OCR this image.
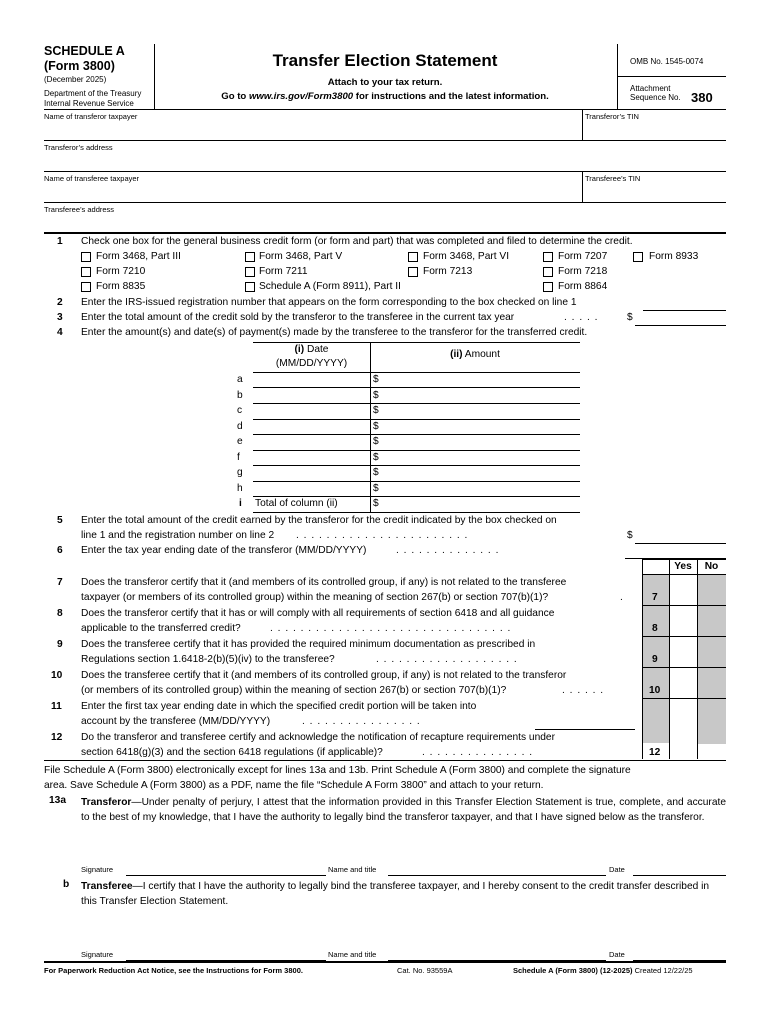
SCHEDULE A
(Form 3800)
(December 2025)
Department of the Treasury
Internal Revenue Service
Transfer Election Statement
Attach to your tax return.
Go to www.irs.gov/Form3800 for instructions and the latest information.
OMB No. 1545-0074
Attachment
Sequence No. 380
Name of transferor taxpayer	Transferor’s TIN
Transferor’s address
Name of transferee taxpayer	Transferee’s TIN
Transferee’s address
1 Check one box for the general business credit form (or form and part) that was completed and filed to determine the credit.
Form 3468, Part III	Form 3468, Part V	Form 3468, Part VI	Form 7207	Form 8933
Form 7210	Form 7211	Form 7213	Form 7218
Form 8835	Schedule A (Form 8911), Part II	Form 8864
2 Enter the IRS-issued registration number that appears on the form corresponding to the box checked on line 1
3 Enter the total amount of the credit sold by the transferor to the transferee in the current tax year	. . . . .	$
4 Enter the amount(s) and date(s) of payment(s) made by the transferee to the transferor for the transferred credit.
(i) Date
(MM/DD/YYYY)
(ii) Amount
a	$
b	$
c	$
d	$
e	$
f	$
g	$
h	$
i Total of column (ii)	$
5 Enter the total amount of the credit earned by the transferor for the credit indicated by the box checked on
line 1 and the registration number on line 2 . . . . . . . . . . . . . . . . . . . . . . .	$
6 Enter the tax year ending date of the transferor (MM/DD/YYYY)	. . . . . . . . . . . . . .
Yes	No
7 Does the transferor certify that it (and members of its controlled group, if any) is not related to the transferee
taxpayer (or members of its controlled group) within the meaning of section 267(b) or section 707(b)(1)?	.	7
8 Does the transferor certify that it has or will comply with all requirements of section 6418 and all guidance
applicable to the transferred credit?	. . . . . . . . . . . . . . . . . . . . . . . . . . . . . . . .	8
9 Does the transferee certify that it has provided the required minimum documentation as prescribed in
Regulations section 1.6418-2(b)(5)(iv) to the transferee?	. . . . . . . . . . . . . . . . . . .	9
10 Does the transferee certify that it (and members of its controlled group, if any) is not related to the transferor
(or members of its controlled group) within the meaning of section 267(b) or section 707(b)(1)?	. . . . . .	10
11 Enter the first tax year ending date in which the specified credit portion will be taken into
account by the transferee (MM/DD/YYYY)	. . . . . . . . . . . . . . . .
12 Do the transferor and transferee certify and acknowledge the notification of recapture requirements under
section 6418(g)(3) and the section 6418 regulations (if applicable)?	. . . . . . . . . . . . . . .	12
File Schedule A (Form 3800) electronically except for lines 13a and 13b. Print Schedule A (Form 3800) and complete the signature
area. Save Schedule A (Form 3800) as a PDF, name the file “Schedule A Form 3800” and attach to your return.
13a Transferor—Under penalty of perjury, I attest that the information provided in this Transfer Election Statement is true, complete, and accurate to the best of my knowledge, that I have the authority to legally bind the transferor taxpayer, and that I have signed below as the transferor.
Signature	Name and title	Date
b Transferee—I certify that I have the authority to legally bind the transferee taxpayer, and I hereby consent to the credit transfer described in this Transfer Election Statement.
Signature	Name and title	Date
For Paperwork Reduction Act Notice, see the Instructions for Form 3800.	Cat. No. 93559A	Schedule A (Form 3800) (12-2025) Created 12/22/25
